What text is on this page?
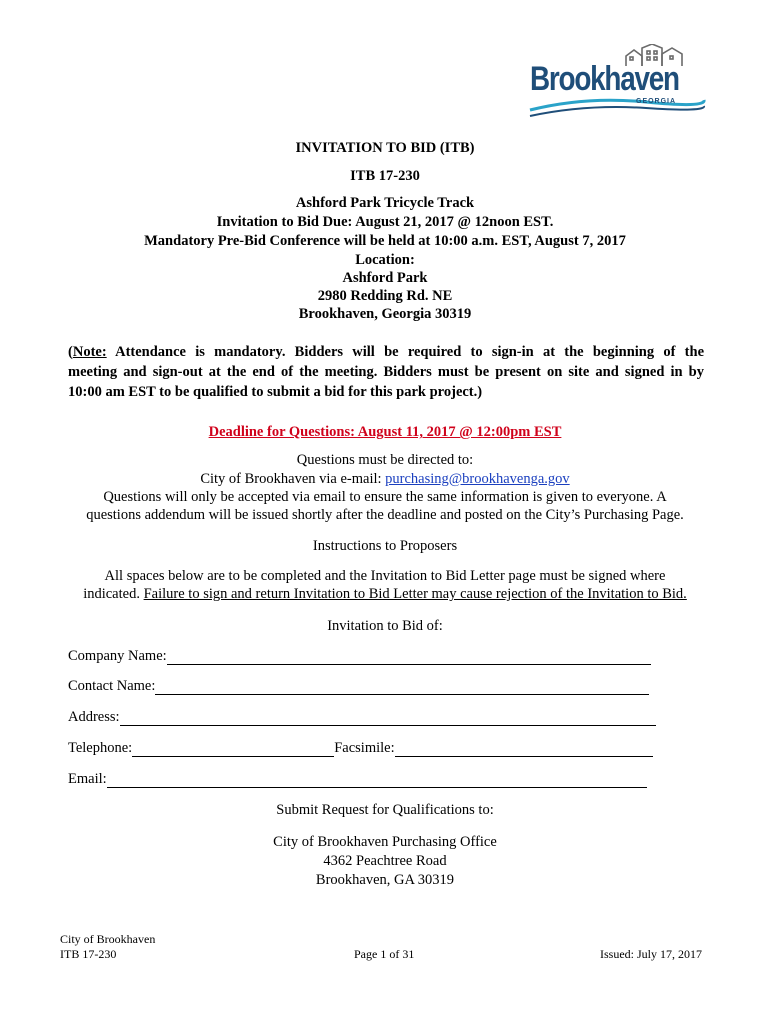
Brookhaven
GEORGIA
INVITATION TO BID (ITB)
ITB 17-230
Ashford Park Tricycle Track
Invitation to Bid Due: August 21, 2017 @ 12noon EST.
Mandatory Pre-Bid Conference will be held at 10:00 a.m. EST, August 7, 2017
Location:
Ashford Park
2980 Redding Rd. NE
Brookhaven, Georgia 30319
(Note: Attendance is mandatory. Bidders will be required to sign-in at the beginning of the
meeting and sign-out at the end of the meeting. Bidders must be present on site and signed in by
10:00 am EST to be qualified to submit a bid for this park project.)
Deadline for Questions: August 11, 2017 @ 12:00pm EST
Questions must be directed to:
City of Brookhaven via e-mail: purchasing@brookhavenga.gov
Questions will only be accepted via email to ensure the same information is given to everyone. A
questions addendum will be issued shortly after the deadline and posted on the City’s Purchasing Page.
Instructions to Proposers
All spaces below are to be completed and the Invitation to Bid Letter page must be signed where
indicated. Failure to sign and return Invitation to Bid Letter may cause rejection of the Invitation to Bid.
Invitation to Bid of:
Company Name:
Contact Name:
Address:
Telephone:	Facsimile:
Email:
Submit Request for Qualifications to:
City of Brookhaven Purchasing Office
4362 Peachtree Road
Brookhaven, GA 30319
City of Brookhaven
ITB 17-230	Page 1 of 31	Issued: July 17, 2017
